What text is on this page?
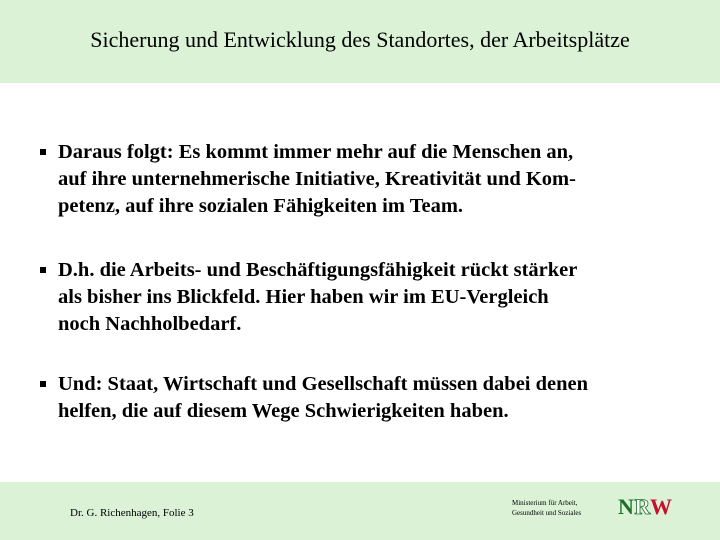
Sicherung und Entwicklung des Standortes, der Arbeitsplätze
Daraus folgt: Es kommt immer mehr auf die Menschen an,
auf ihre unternehmerische Initiative, Kreativität und Kom-
petenz, auf ihre sozialen Fähigkeiten im Team.
D.h. die Arbeits- und Beschäftigungsfähigkeit rückt stärker
als bisher ins Blickfeld. Hier haben wir im EU-Vergleich
noch Nachholbedarf.
Und: Staat, Wirtschaft und Gesellschaft müssen dabei denen
helfen, die auf diesem Wege Schwierigkeiten haben.
Dr. G. Richenhagen, Folie 3
Ministerium für Arbeit,
Gesundheit und Soziales	NRW
